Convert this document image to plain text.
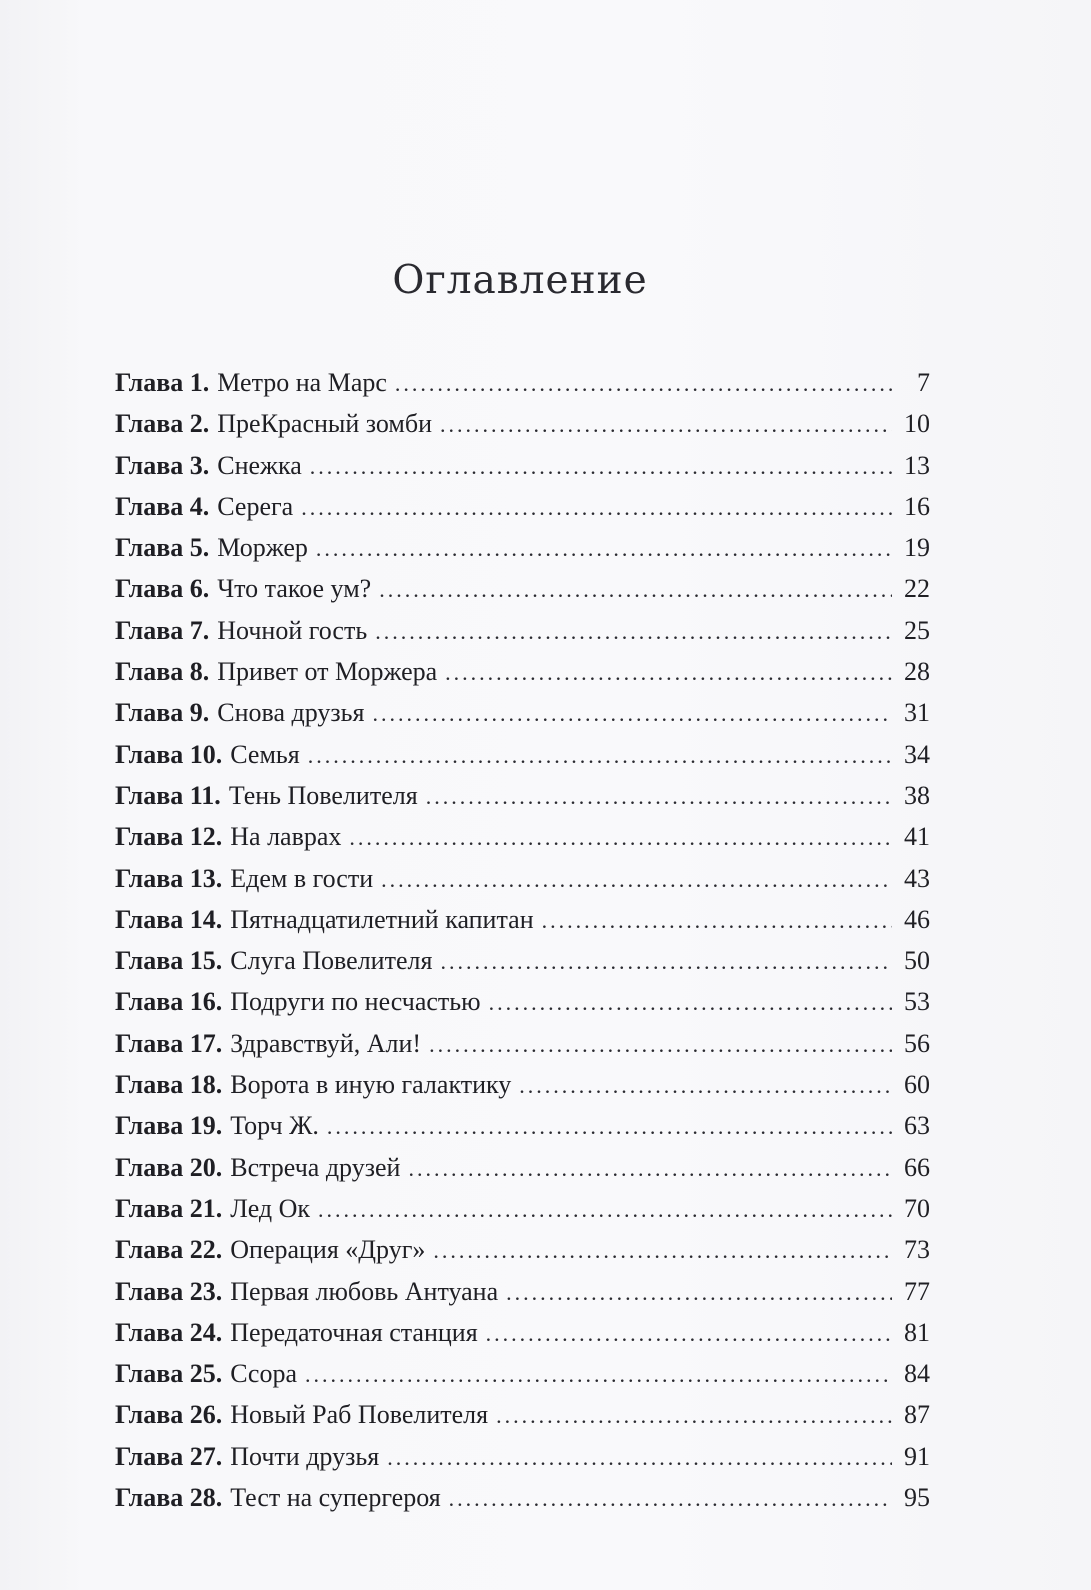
Оглавление
Глава 1. Метро на Марс .....	7
Глава 2. ПреКрасный зомби .....	10
Глава 3. Снежка .....	13
Глава 4. Серега .....	16
Глава 5. Моржер .....	19
Глава 6. Что такое ум? .....	22
Глава 7. Ночной гость .....	25
Глава 8. Привет от Моржера .....	28
Глава 9. Снова друзья .....	31
Глава 10. Семья .....	34
Глава 11. Тень Повелителя .....	38
Глава 12. На лаврах .....	41
Глава 13. Едем в гости .....	43
Глава 14. Пятнадцатилетний капитан .....	46
Глава 15. Слуга Повелителя .....	50
Глава 16. Подруги по несчастью .....	53
Глава 17. Здравствуй, Али! .....	56
Глава 18. Ворота в иную галактику .....	60
Глава 19. Торч Ж. .....	63
Глава 20. Встреча друзей .....	66
Глава 21. Лед Ок .....	70
Глава 22. Операция «Друг» .....	73
Глава 23. Первая любовь Антуана .....	77
Глава 24. Передаточная станция .....	81
Глава 25. Ссора .....	84
Глава 26. Новый Раб Повелителя .....	87
Глава 27. Почти друзья .....	91
Глава 28. Тест на супергероя .....	95
